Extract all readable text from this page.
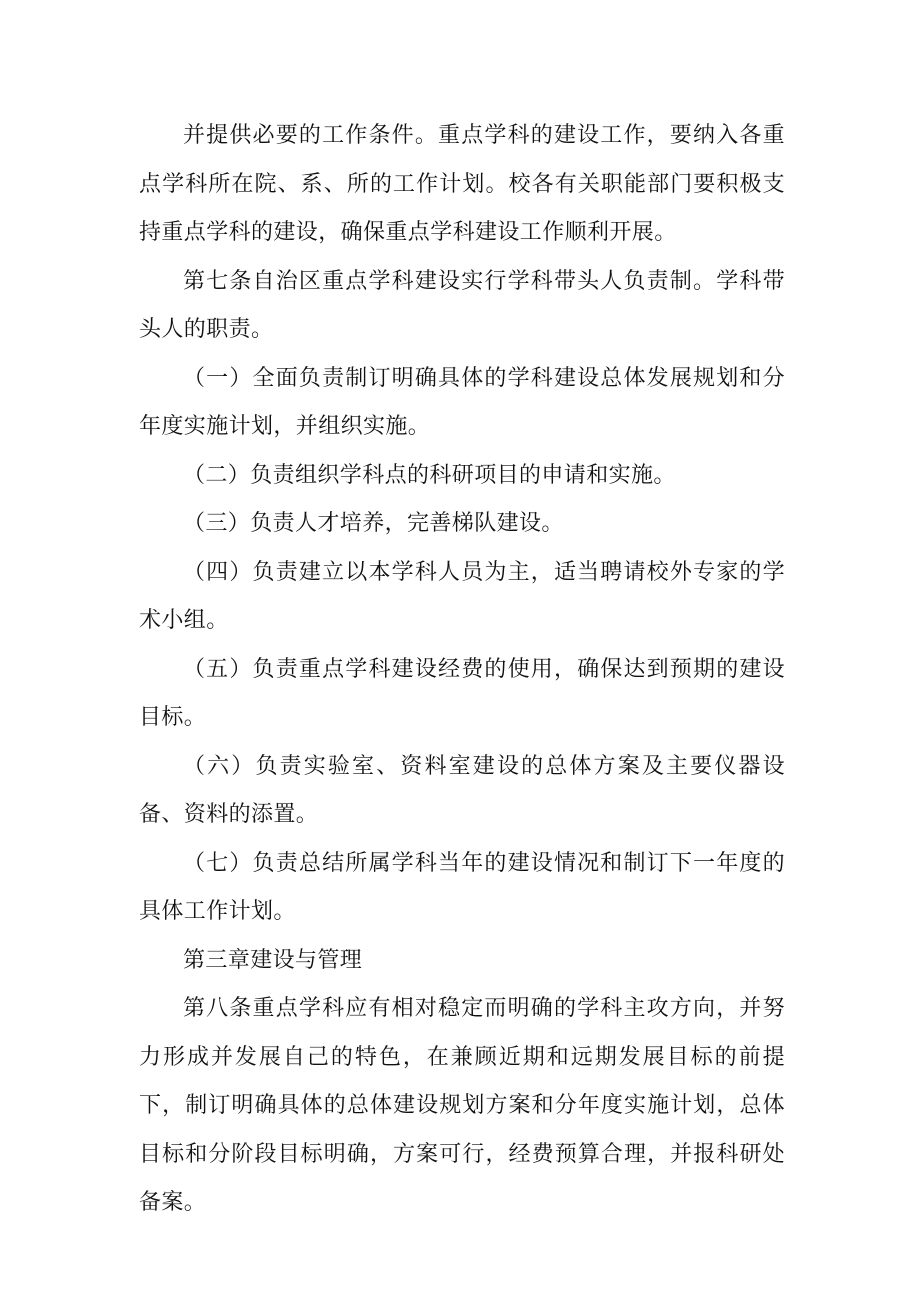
并提供必要的工作条件。重点学科的建设工作，要纳入各重点学科所在院、系、所的工作计划。校各有关职能部门要积极支持重点学科的建设，确保重点学科建设工作顺利开展。

第七条自治区重点学科建设实行学科带头人负责制。学科带头人的职责。

（一）全面负责制订明确具体的学科建设总体发展规划和分年度实施计划，并组织实施。

（二）负责组织学科点的科研项目的申请和实施。

（三）负责人才培养，完善梯队建设。

（四）负责建立以本学科人员为主，适当聘请校外专家的学术小组。

（五）负责重点学科建设经费的使用，确保达到预期的建设目标。

（六）负责实验室、资料室建设的总体方案及主要仪器设备、资料的添置。

（七）负责总结所属学科当年的建设情况和制订下一年度的具体工作计划。

第三章建设与管理

第八条重点学科应有相对稳定而明确的学科主攻方向，并努力形成并发展自己的特色，在兼顾近期和远期发展目标的前提下，制订明确具体的总体建设规划方案和分年度实施计划，总体目标和分阶段目标明确，方案可行，经费预算合理，并报科研处备案。
